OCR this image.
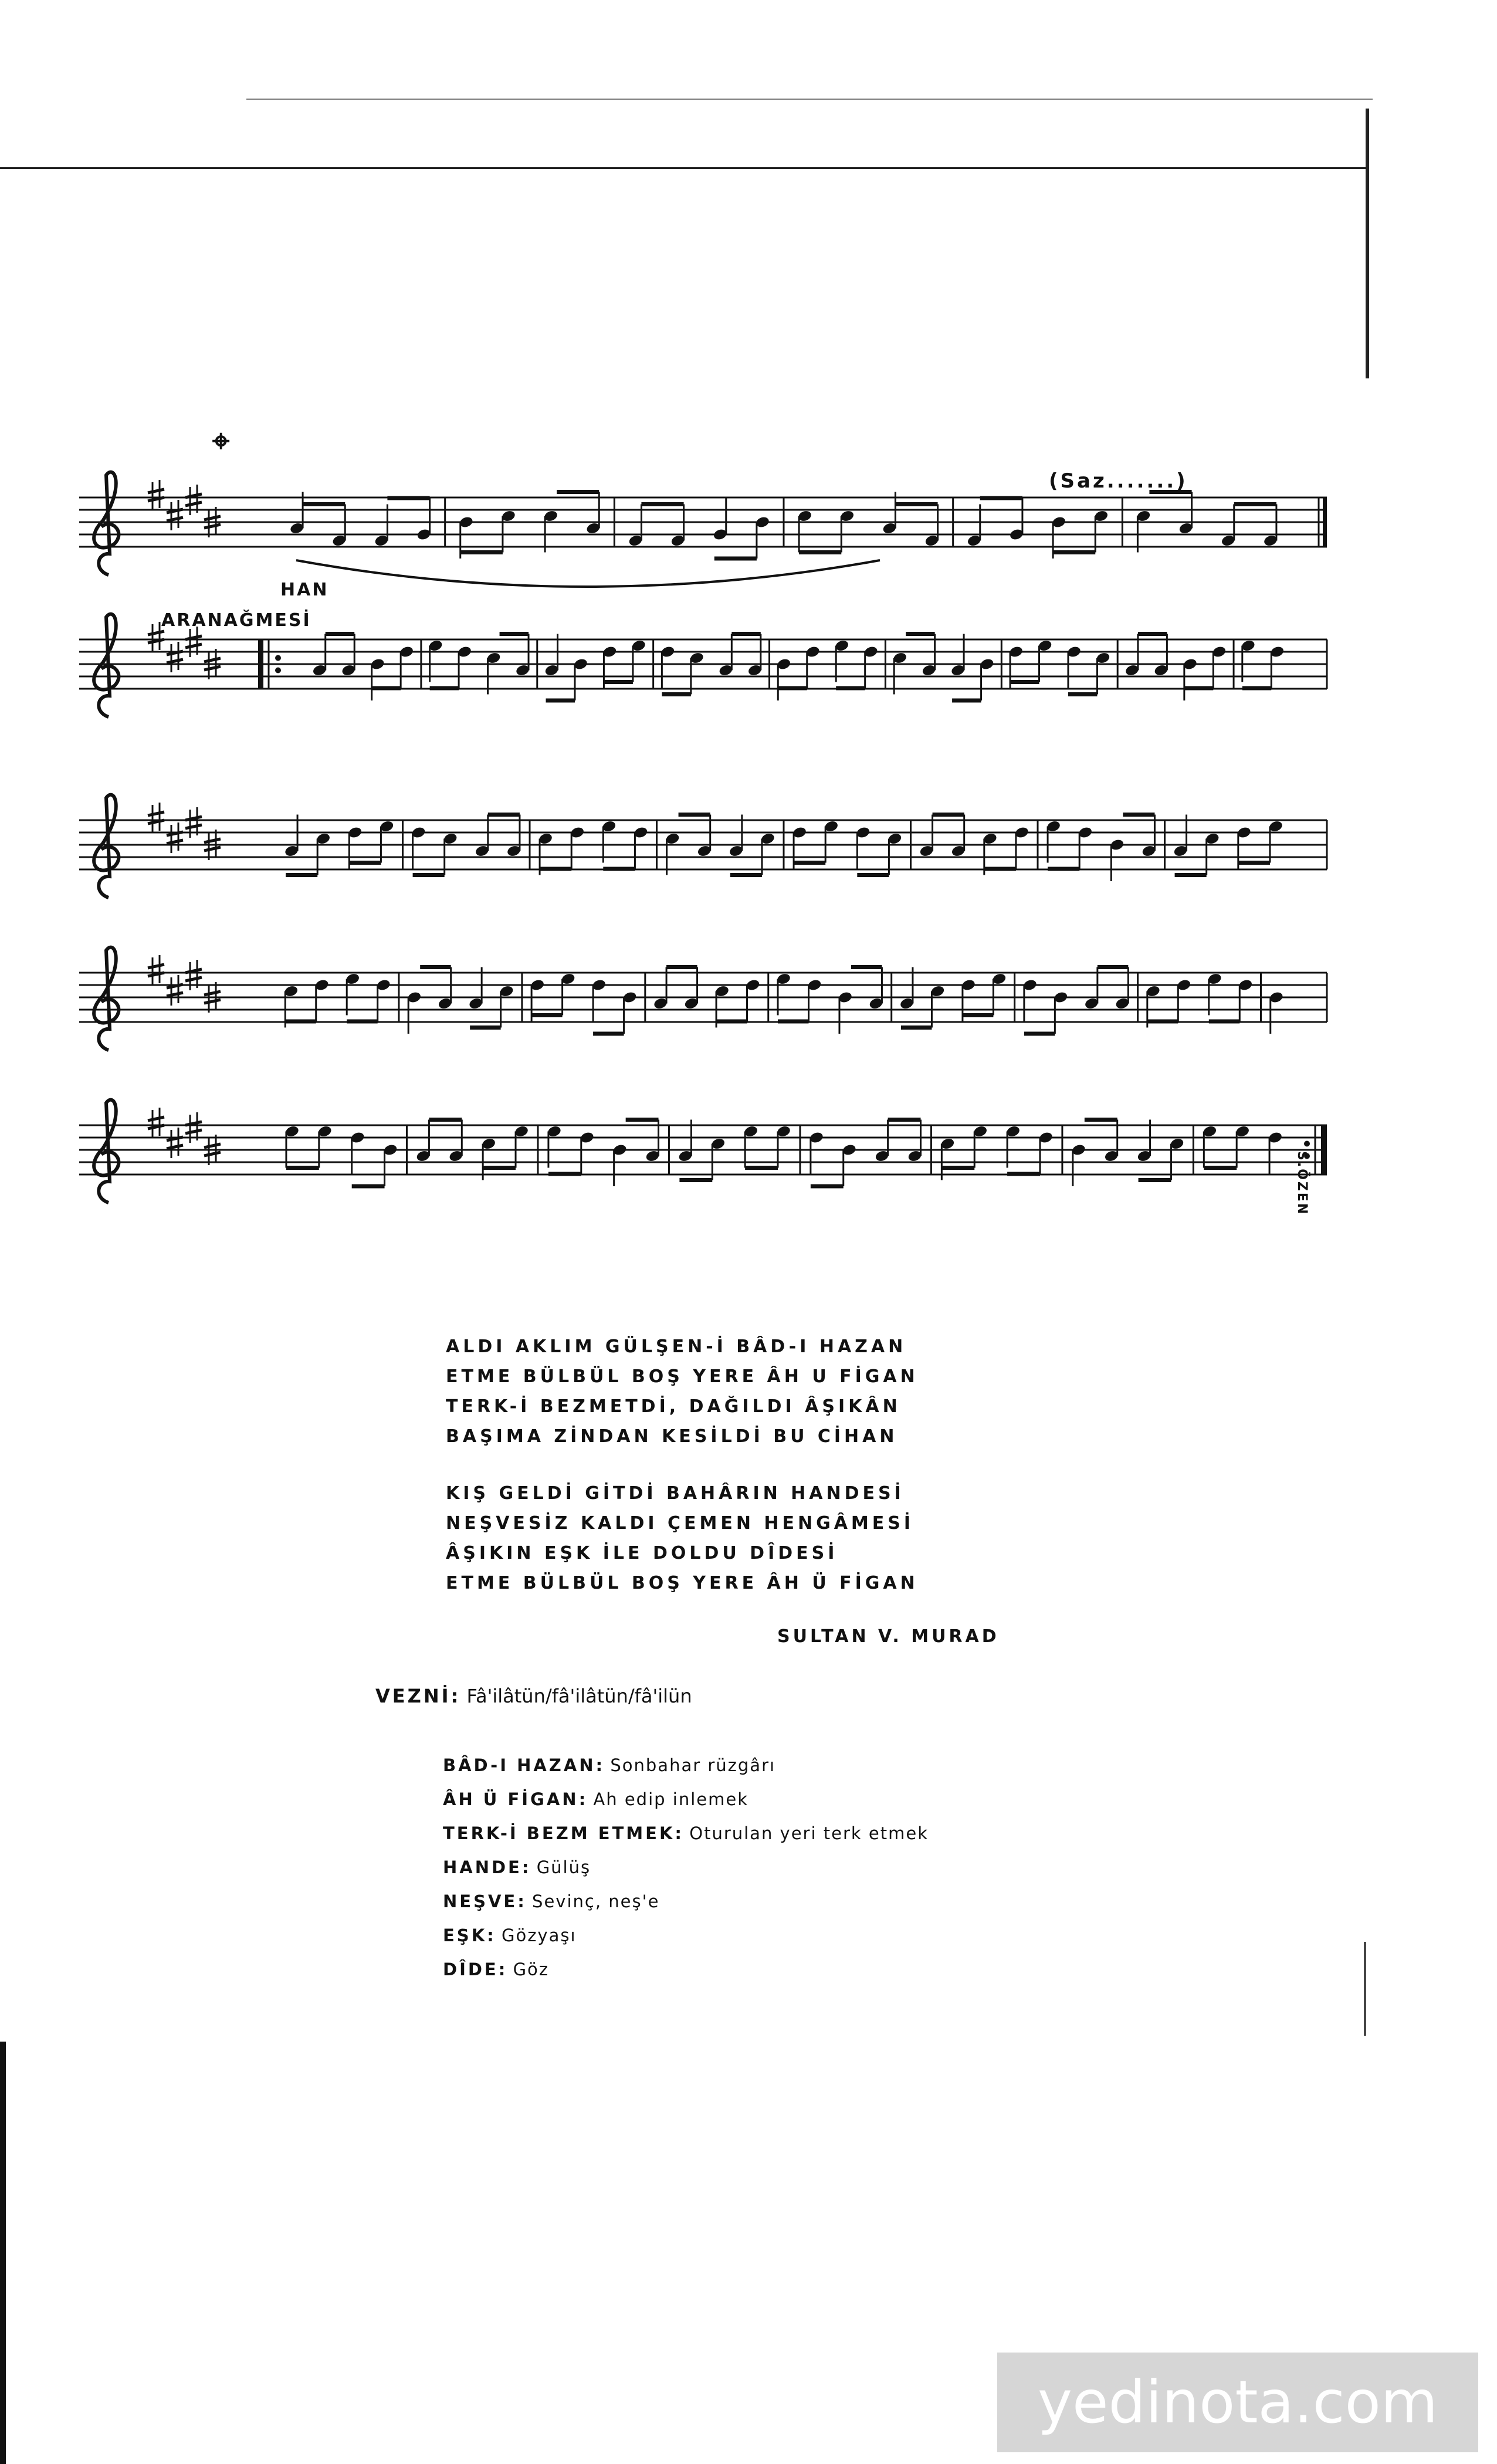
⌖
(Saz.......)
HAN
ARANAĞMESİ
S.ÖZEN
ALDI AKLIM GÜLŞEN-İ BÂD-I HAZAN
ETME BÜLBÜL BOŞ YERE ÂH U FİGAN
TERK-İ BEZMETDİ, DAĞILDI ÂŞIKÂN
BAŞIMA ZİNDAN KESİLDİ BU CİHAN
KIŞ GELDİ GİTDİ BAHÂRIN HANDESİ
NEŞVESİZ KALDI ÇEMEN HENGÂMESİ
ÂŞIKIN EŞK İLE DOLDU DÎDESİ
ETME BÜLBÜL BOŞ YERE ÂH Ü FİGAN
SULTAN V. MURAD
VEZNİ: Fâ'ilâtün/fâ'ilâtün/fâ'ilün
BÂD-I HAZAN: Sonbahar rüzgârı
ÂH Ü FİGAN: Ah edip inlemek
TERK-İ BEZM ETMEK: Oturulan yeri terk etmek
HANDE: Gülüş
NEŞVE: Sevinç, neş'e
EŞK: Gözyaşı
DÎDE: Göz
yedinota.com
